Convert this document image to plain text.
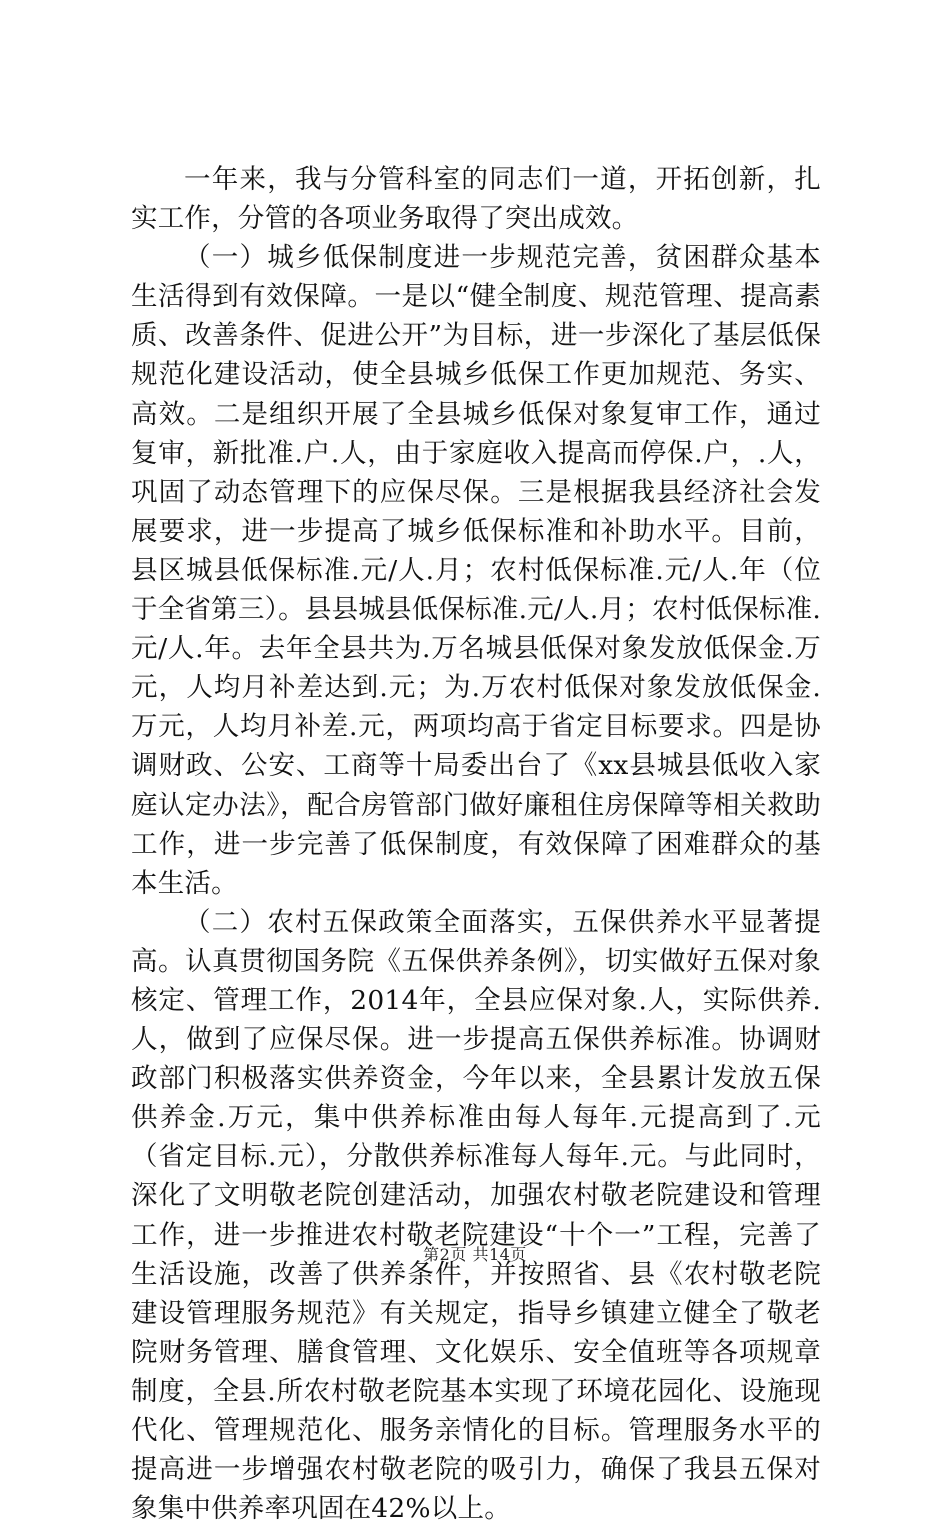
一年来，我与分管科室的同志们一道，开拓创新，扎实工作，分管的各项业务取得了突出成效。

（一）城乡低保制度进一步规范完善，贫困群众基本生活得到有效保障。一是以“健全制度、规范管理、提高素质、改善条件、促进公开”为目标，进一步深化了基层低保规范化建设活动，使全县城乡低保工作更加规范、务实、高效。二是组织开展了全县城乡低保对象复审工作，通过复审，新批准.户.人，由于家庭收入提高而停保.户，.人，巩固了动态管理下的应保尽保。三是根据我县经济社会发展要求，进一步提高了城乡低保标准和补助水平。目前，县区城县低保标准.元/人.月；农村低保标准.元/人.年（位于全省第三）。县县城县低保标准.元/人.月；农村低保标准.元/人.年。去年全县共为.万名城县低保对象发放低保金.万元，人均月补差达到.元；为.万农村低保对象发放低保金.万元，人均月补差.元，两项均高于省定目标要求。四是协调财政、公安、工商等十局委出台了《xx县城县低收入家庭认定办法》，配合房管部门做好廉租住房保障等相关救助工作，进一步完善了低保制度，有效保障了困难群众的基本生活。

（二）农村五保政策全面落实，五保供养水平显著提高。认真贯彻国务院《五保供养条例》，切实做好五保对象核定、管理工作，2014年，全县应保对象.人，实际供养.人，做到了应保尽保。进一步提高五保供养标准。协调财政部门积极落实供养资金，今年以来，全县累计发放五保供养金.万元，集中供养标准由每人每年.元提高到了.元（省定目标.元），分散供养标准每人每年.元。与此同时，深化了文明敬老院创建活动，加强农村敬老院建设和管理工作，进一步推进农村敬老院建设“十个一”工程，完善了生活设施，改善了供养条件，并按照省、县《农村敬老院建设管理服务规范》有关规定，指导乡镇建立健全了敬老院财务管理、膳食管理、文化娱乐、安全值班等各项规章制度，全县.所农村敬老院基本实现了环境花园化、设施现代化、管理规范化、服务亲情化的目标。管理服务水平的提高进一步增强农村敬老院的吸引力，确保了我县五保对象集中供养率巩固在42%以上。

第2页 共14页
